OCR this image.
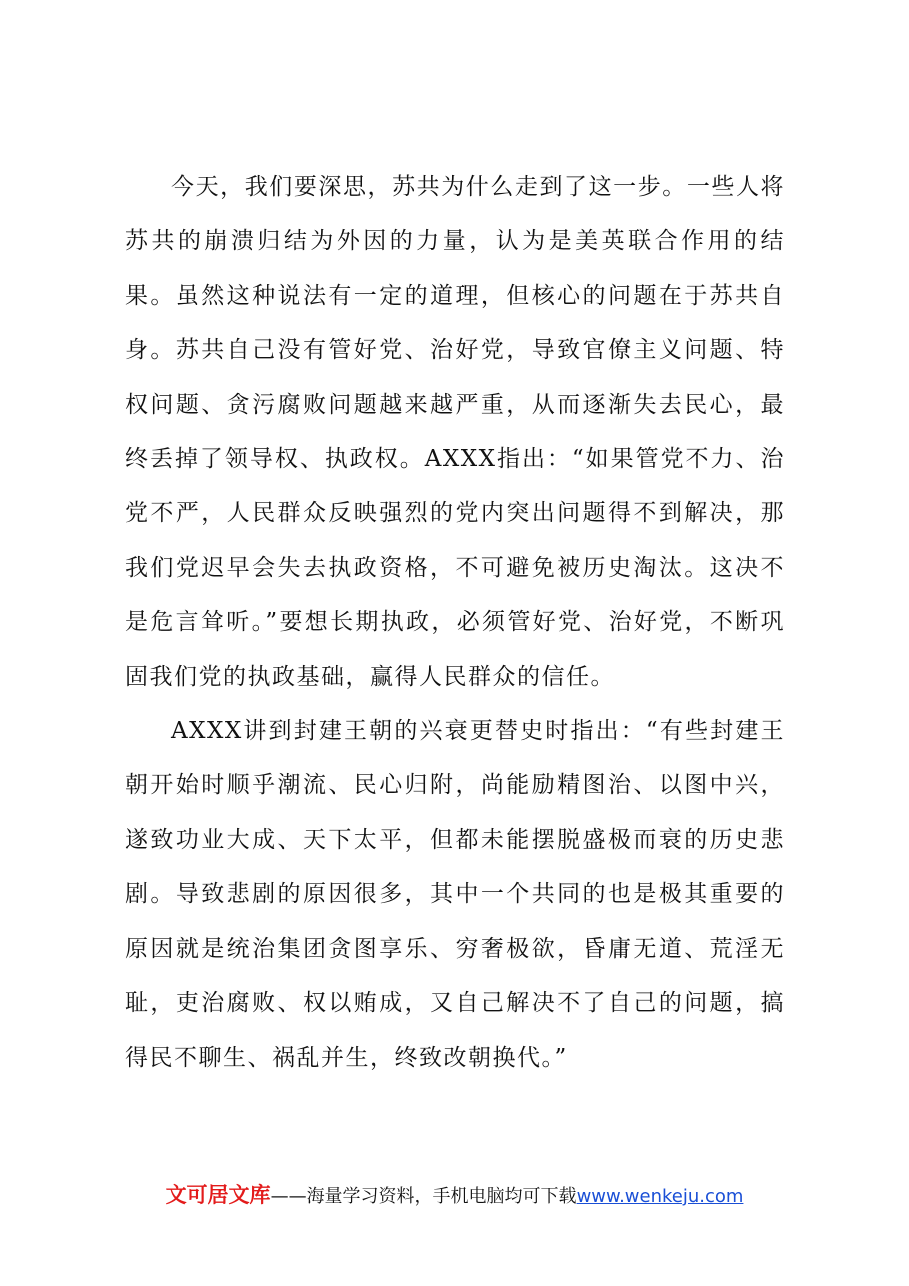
今天，我们要深思，苏共为什么走到了这一步。一些人将苏共的崩溃归结为外因的力量，认为是美英联合作用的结果。虽然这种说法有一定的道理，但核心的问题在于苏共自身。苏共自己没有管好党、治好党，导致官僚主义问题、特权问题、贪污腐败问题越来越严重，从而逐渐失去民心，最终丢掉了领导权、执政权。AXXX指出：“如果管党不力、治党不严，人民群众反映强烈的党内突出问题得不到解决，那我们党迟早会失去执政资格，不可避免被历史淘汰。这决不是危言耸听。”要想长期执政，必须管好党、治好党，不断巩固我们党的执政基础，赢得人民群众的信任。

AXXX讲到封建王朝的兴衰更替史时指出：“有些封建王朝开始时顺乎潮流、民心归附，尚能励精图治、以图中兴，遂致功业大成、天下太平，但都未能摆脱盛极而衰的历史悲剧。导致悲剧的原因很多，其中一个共同的也是极其重要的原因就是统治集团贪图享乐、穷奢极欲，昏庸无道、荒淫无耻，吏治腐败、权以贿成，又自己解决不了自己的问题，搞得民不聊生、祸乱并生，终致改朝换代。”

文可居文库——海量学习资料，手机电脑均可下载www.wenkeju.com
